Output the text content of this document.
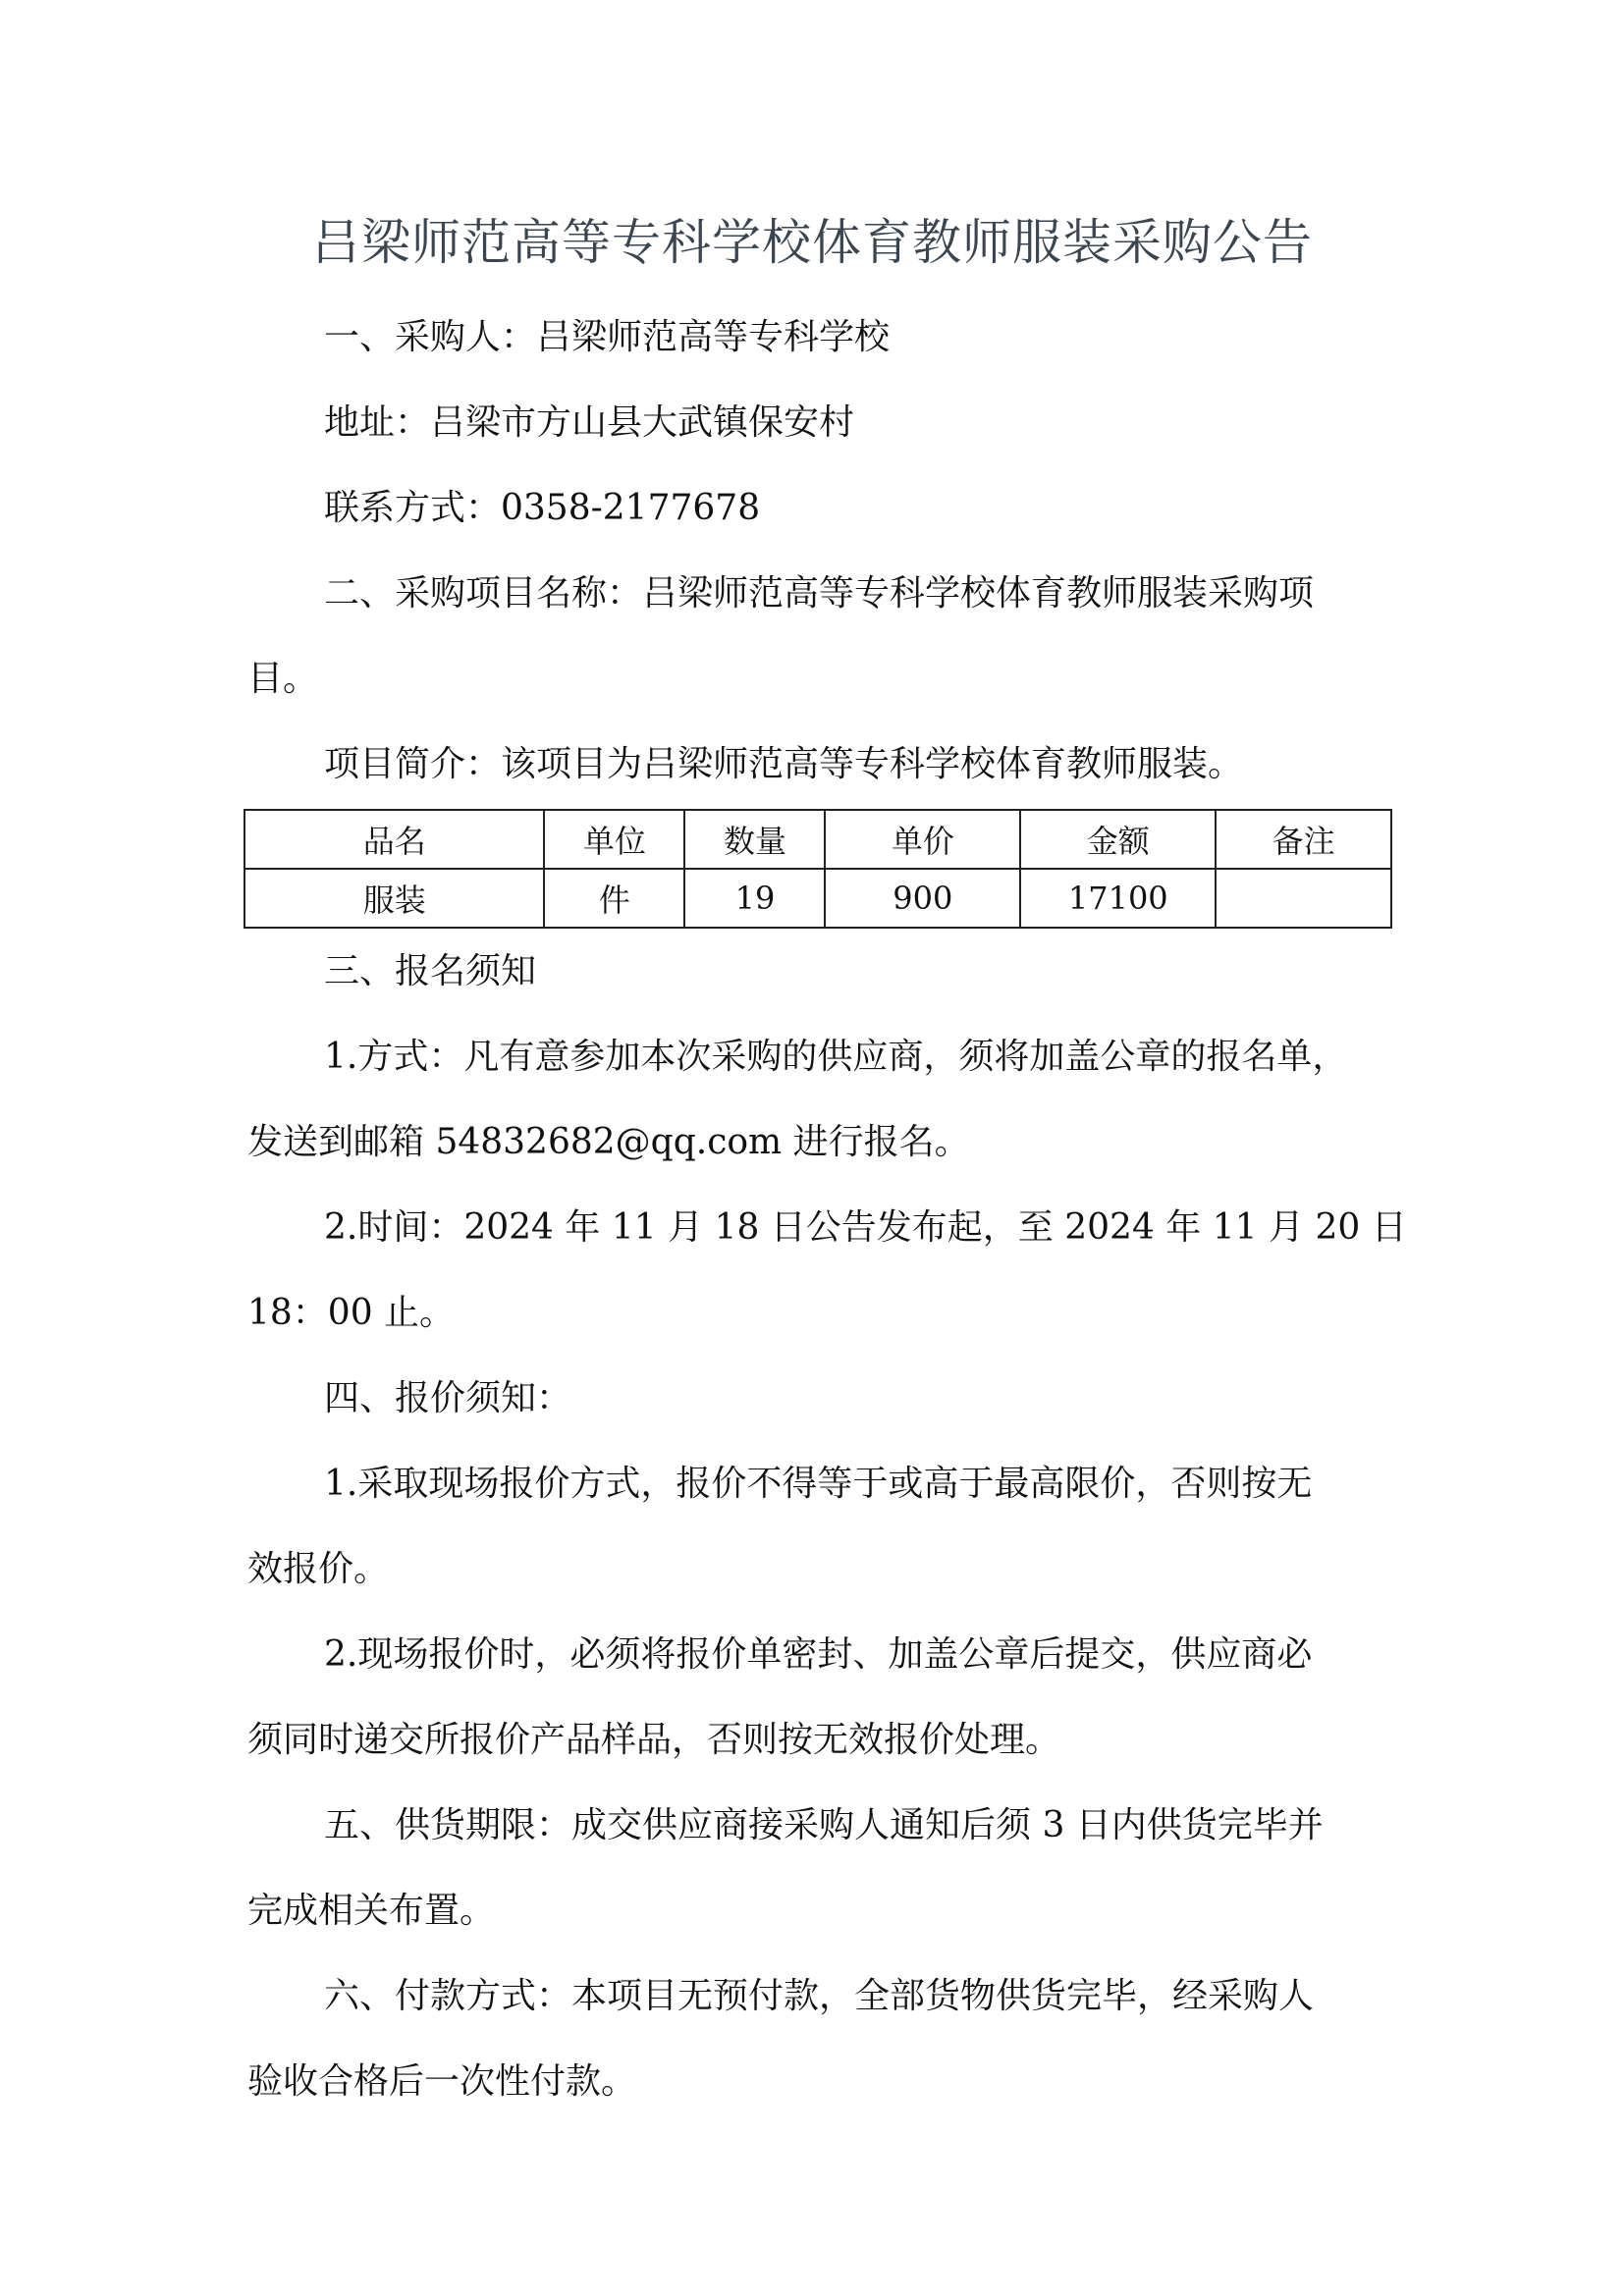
吕梁师范高等专科学校体育教师服装采购公告
一、采购人：吕梁师范高等专科学校
地址：吕梁市方山县大武镇保安村
联系方式：0358-2177678
二、采购项目名称：吕梁师范高等专科学校体育教师服装采购项
目。
项目简介：该项目为吕梁师范高等专科学校体育教师服装。
品名	单位	数量	单价	金额	备注
服装	件	19	900	17100	
三、报名须知
1.方式：凡有意参加本次采购的供应商，须将加盖公章的报名单，
发送到邮箱 54832682@qq.com 进行报名。
2.时间：2024 年 11 月 18 日公告发布起，至 2024 年 11 月 20 日
18：00 止。
四、报价须知：
1.采取现场报价方式，报价不得等于或高于最高限价，否则按无
效报价。
2.现场报价时，必须将报价单密封、加盖公章后提交，供应商必
须同时递交所报价产品样品，否则按无效报价处理。
五、供货期限：成交供应商接采购人通知后须 3 日内供货完毕并
完成相关布置。
六、付款方式：本项目无预付款，全部货物供货完毕，经采购人
验收合格后一次性付款。
